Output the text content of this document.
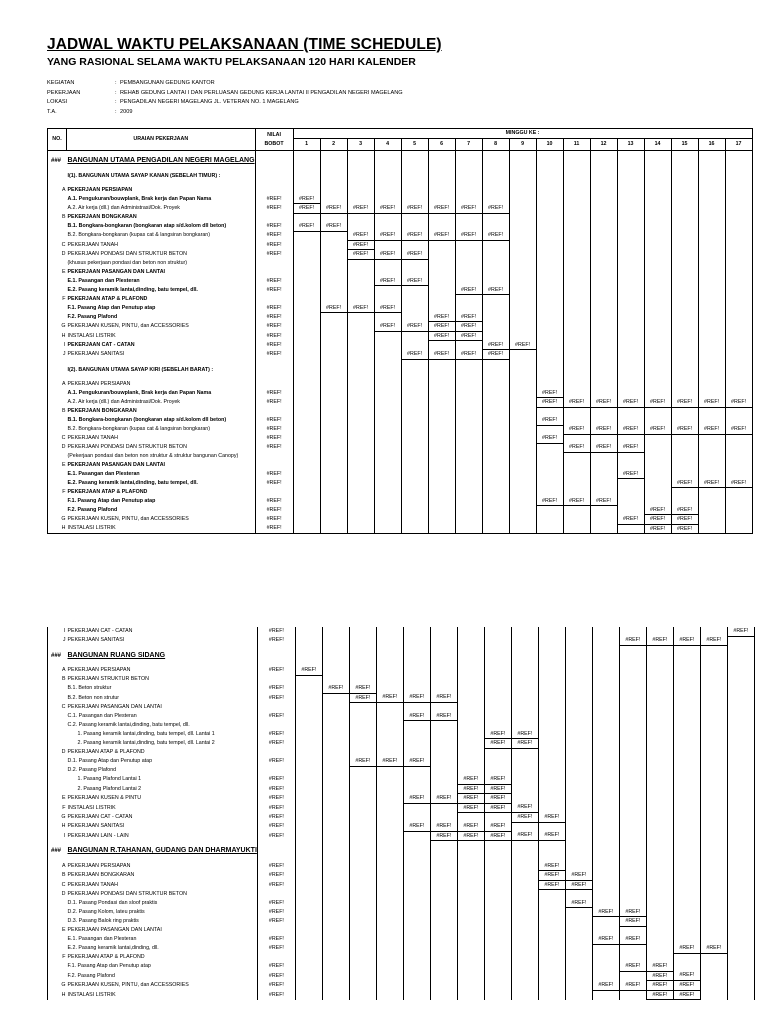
JADWAL WAKTU PELAKSANAAN (TIME SCHEDULE)
YANG RASIONAL SELAMA WAKTU PELAKSANAAN 120 HARI KALENDER
KEGIATAN	: PEMBANGUNAN GEDUNG KANTOR
PEKERJAAN	: REHAB GEDUNG LANTAI I DAN PERLUASAN GEDUNG KERJA LANTAI II PENGADILAN NEGERI MAGELANG
LOKASI	: PENGADILAN NEGERI MAGELANG JL. VETERAN NO. 1 MAGELANG
T.A.	: 2009
NO.	URAIAN PEKERJAAN	NILAI
BOBOT	MINGGU KE :																
			1	2	3	4	5	6	7	8	9	10	11	12	13	14	15	16	17

###	BANGUNAN UTAMA PENGADILAN NEGERI MAGELANG																		

	I(1). BANGUNAN UTAMA SAYAP KANAN (SEBELAH TIMUR) :																		

A	PEKERJAAN PERSIAPAN																		
	A.1. Pengukuran/bouwplank, Brak kerja dan Papan Nama	#REF!	#REF!																
	A.2. Air kerja (dll.) dan Administrasi/Dok. Proyek	#REF!	#REF!	#REF!	#REF!	#REF!	#REF!	#REF!	#REF!	#REF!									
B	PEKERJAAN BONGKARAN																		
	B.1. Bongkara-bongkaran (bongkaran atap s/d.kolom dll beton)	#REF!	#REF!	#REF!															
	B.2. Bongkara-bongkaran (kupas cat & langsiran bongkaran)	#REF!			#REF!	#REF!	#REF!	#REF!	#REF!	#REF!									
C	PEKERJAAN TANAH	#REF!			#REF!														
D	PEKERJAAN PONDASI DAN STRUKTUR BETON	#REF!			#REF!	#REF!	#REF!												
	(khusus pekerjaan pondasi dan beton non struktur)																		
E	PEKERJAAN PASANGAN DAN LANTAI																		
	E.1. Pasangan dan Plesteran	#REF!				#REF!	#REF!												
	E.2. Pasang keramik lantai,dinding, batu tempel, dll.	#REF!							#REF!	#REF!									
F	PEKERJAAN ATAP & PLAFOND																		
	F.1. Pasang Atap dan Penutup atap	#REF!		#REF!	#REF!	#REF!													
	F.2. Pasang Plafond	#REF!						#REF!	#REF!										
G	PEKERJAAN KUSEN, PINTU, dan ACCESSORIES	#REF!				#REF!	#REF!	#REF!	#REF!										
H	INSTALASI LISTRIK	#REF!						#REF!	#REF!										
I	PEKERJAAN CAT - CATAN	#REF!								#REF!	#REF!								
J	PEKERJAAN SANITASI	#REF!					#REF!	#REF!	#REF!	#REF!									

	I(2). BANGUNAN UTAMA SAYAP KIRI (SEBELAH BARAT) :																		

A	PEKERJAAN PERSIAPAN																		
	A.1. Pengukuran/bouwplank, Brak kerja dan Papan Nama	#REF!										#REF!							
	A.2. Air kerja (dll.) dan Administrasi/Dok. Proyek	#REF!										#REF!	#REF!	#REF!	#REF!	#REF!	#REF!	#REF!	#REF!
B	PEKERJAAN BONGKARAN																		
	B.1. Bongkara-bongkaran (bongkaran atap s/d.kolom dll beton)	#REF!										#REF!							
	B.2. Bongkara-bongkaran (kupas cat & langsiran bongkaran)	#REF!											#REF!	#REF!	#REF!	#REF!	#REF!	#REF!	#REF!
C	PEKERJAAN TANAH	#REF!										#REF!							
D	PEKERJAAN PONDASI DAN STRUKTUR BETON	#REF!											#REF!	#REF!	#REF!				
	(Pekerjaan pondasi dan beton non struktur & struktur bangunan Canopy)																		
E	PEKERJAAN PASANGAN DAN LANTAI																		
	E.1. Pasangan dan Plesteran	#REF!													#REF!				
	E.2. Pasang keramik lantai,dinding, batu tempel, dll.	#REF!															#REF!	#REF!	#REF!
F	PEKERJAAN ATAP & PLAFOND																		
	F.1. Pasang Atap dan Penutup atap	#REF!										#REF!	#REF!	#REF!					
	F.2. Pasang Plafond	#REF!														#REF!	#REF!		
G	PEKERJAAN KUSEN, PINTU, dan ACCESSORIES	#REF!													#REF!	#REF!	#REF!		
H	INSTALASI LISTRIK	#REF!														#REF!	#REF!		
I	PEKERJAAN CAT - CATAN	#REF!																	#REF!
J	PEKERJAAN SANITASI	#REF!													#REF!	#REF!	#REF!	#REF!	

###	BANGUNAN RUANG SIDANG																		

A	PEKERJAAN PERSIAPAN	#REF!	#REF!																
B	PEKERJAAN STRUKTUR BETON																		
	B.1. Beton struktur	#REF!		#REF!	#REF!														
	B.2. Beton non strutur	#REF!			#REF!	#REF!	#REF!	#REF!											
C	PEKERJAAN PASANGAN DAN LANTAI																		
	C.1. Pasangan dan Plesteran	#REF!					#REF!	#REF!											
	C.2. Pasang keramik lantai,dinding, batu tempel, dll.																		
	1. Pasang keramik lantai,dinding, batu tempel, dll. Lantai 1	#REF!								#REF!	#REF!								
	2. Pasang keramik lantai,dinding, batu tempel, dll. Lantai 2	#REF!								#REF!	#REF!								
D	PEKERJAAN ATAP & PLAFOND																		
	D.1. Pasang Atap dan Penutup atap	#REF!			#REF!	#REF!	#REF!												
	D.2. Pasang Plafond																		
	1. Pasang Plafond Lantai 1	#REF!							#REF!	#REF!									
	2. Pasang Plafond Lantai 2	#REF!							#REF!	#REF!									
E	PEKERJAAN KUSEN & PINTU	#REF!					#REF!	#REF!	#REF!	#REF!									
F	INSTALASI LISTRIK	#REF!							#REF!	#REF!	#REF!								
G	PEKERJAAN CAT - CATAN	#REF!									#REF!	#REF!							
H	PEKERJAAN SANITASI	#REF!					#REF!	#REF!	#REF!	#REF!									
I	PEKERJAAN LAIN - LAIN	#REF!						#REF!	#REF!	#REF!	#REF!	#REF!							

###	BANGUNAN R.TAHANAN, GUDANG DAN DHARMAYUKTI																		

A	PEKERJAAN PERSIAPAN	#REF!										#REF!							
B	PEKERJAAN BONGKARAN	#REF!										#REF!	#REF!						
C	PEKERJAAN TANAH	#REF!										#REF!	#REF!						
D	PEKERJAAN PONDASI DAN STRUKTUR BETON																		
	D.1. Pasang Pondasi dan sloof praktis	#REF!											#REF!						
	D.2. Pasang Kolom, lateu praktis	#REF!												#REF!	#REF!				
	D.3. Pasang Balok ring praktis	#REF!													#REF!				
E	PEKERJAAN PASANGAN DAN LANTAI																		
	E.1. Pasangan dan Plesteran	#REF!												#REF!	#REF!				
	E.2. Pasang keramik lantai,dinding, dll.	#REF!															#REF!	#REF!	
F	PEKERJAAN ATAP & PLAFOND																		
	F.1. Pasang Atap dan Penutup atap	#REF!													#REF!	#REF!			
	F.2. Pasang Plafond	#REF!														#REF!	#REF!		
G	PEKERJAAN KUSEN, PINTU, dan ACCESSORIES	#REF!												#REF!	#REF!	#REF!	#REF!		
H	INSTALASI LISTRIK	#REF!														#REF!	#REF!		
